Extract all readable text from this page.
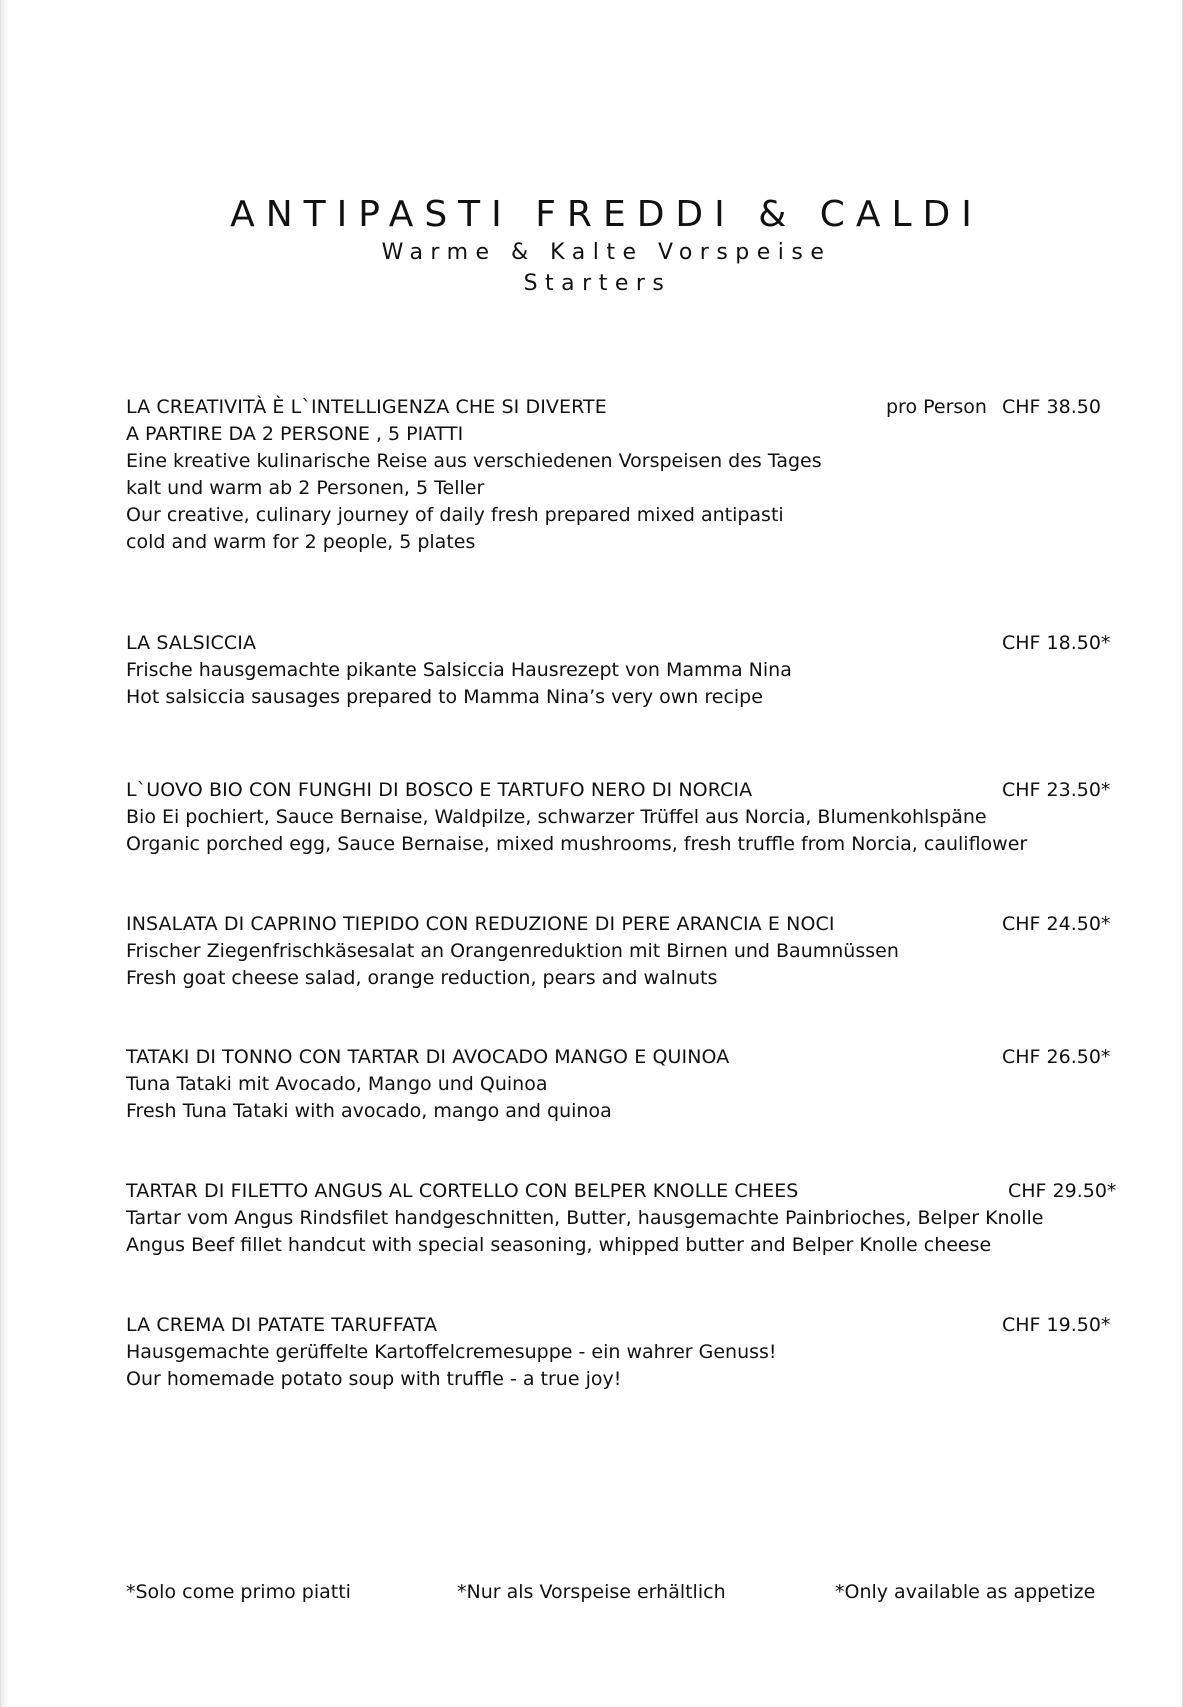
ANTIPASTI FREDDI & CALDI
Warme & Kalte Vorspeise
Starters
LA CREATIVITÀ È L`INTELLIGENZA CHE SI DIVERTE	pro Person CHF 38.50
A PARTIRE DA 2 PERSONE , 5 PIATTI
Eine kreative kulinarische Reise aus verschiedenen Vorspeisen des Tages
kalt und warm ab 2 Personen, 5 Teller
Our creative, culinary journey of daily fresh prepared mixed antipasti
cold and warm for 2 people, 5 plates
LA SALSICCIA	CHF 18.50*
Frische hausgemachte pikante Salsiccia Hausrezept von Mamma Nina
Hot salsiccia sausages prepared to Mamma Nina’s very own recipe
L`UOVO BIO CON FUNGHI DI BOSCO E TARTUFO NERO DI NORCIA	CHF 23.50*
Bio Ei pochiert, Sauce Bernaise, Waldpilze, schwarzer Trüffel aus Norcia, Blumenkohlspäne
Organic porched egg, Sauce Bernaise, mixed mushrooms, fresh truffle from Norcia, cauliflower
INSALATA DI CAPRINO TIEPIDO CON REDUZIONE DI PERE ARANCIA E NOCI	CHF 24.50*
Frischer Ziegenfrischkäsesalat an Orangenreduktion mit Birnen und Baumnüssen
Fresh goat cheese salad, orange reduction, pears and walnuts
TATAKI DI TONNO CON TARTAR DI AVOCADO MANGO E QUINOA	CHF 26.50*
Tuna Tataki mit Avocado, Mango und Quinoa
Fresh Tuna Tataki with avocado, mango and quinoa
TARTAR DI FILETTO ANGUS AL CORTELLO CON BELPER KNOLLE CHEES	CHF 29.50*
Tartar vom Angus Rindsfilet handgeschnitten, Butter, hausgemachte Painbrioches, Belper Knolle
Angus Beef fillet handcut with special seasoning, whipped butter and Belper Knolle cheese
LA CREMA DI PATATE TARUFFATA	CHF 19.50*
Hausgemachte gerüffelte Kartoffelcremesuppe - ein wahrer Genuss!
Our homemade potato soup with truffle - a true joy!
*Solo come primo piatti	*Nur als Vorspeise erhältlich	*Only available as appetize
